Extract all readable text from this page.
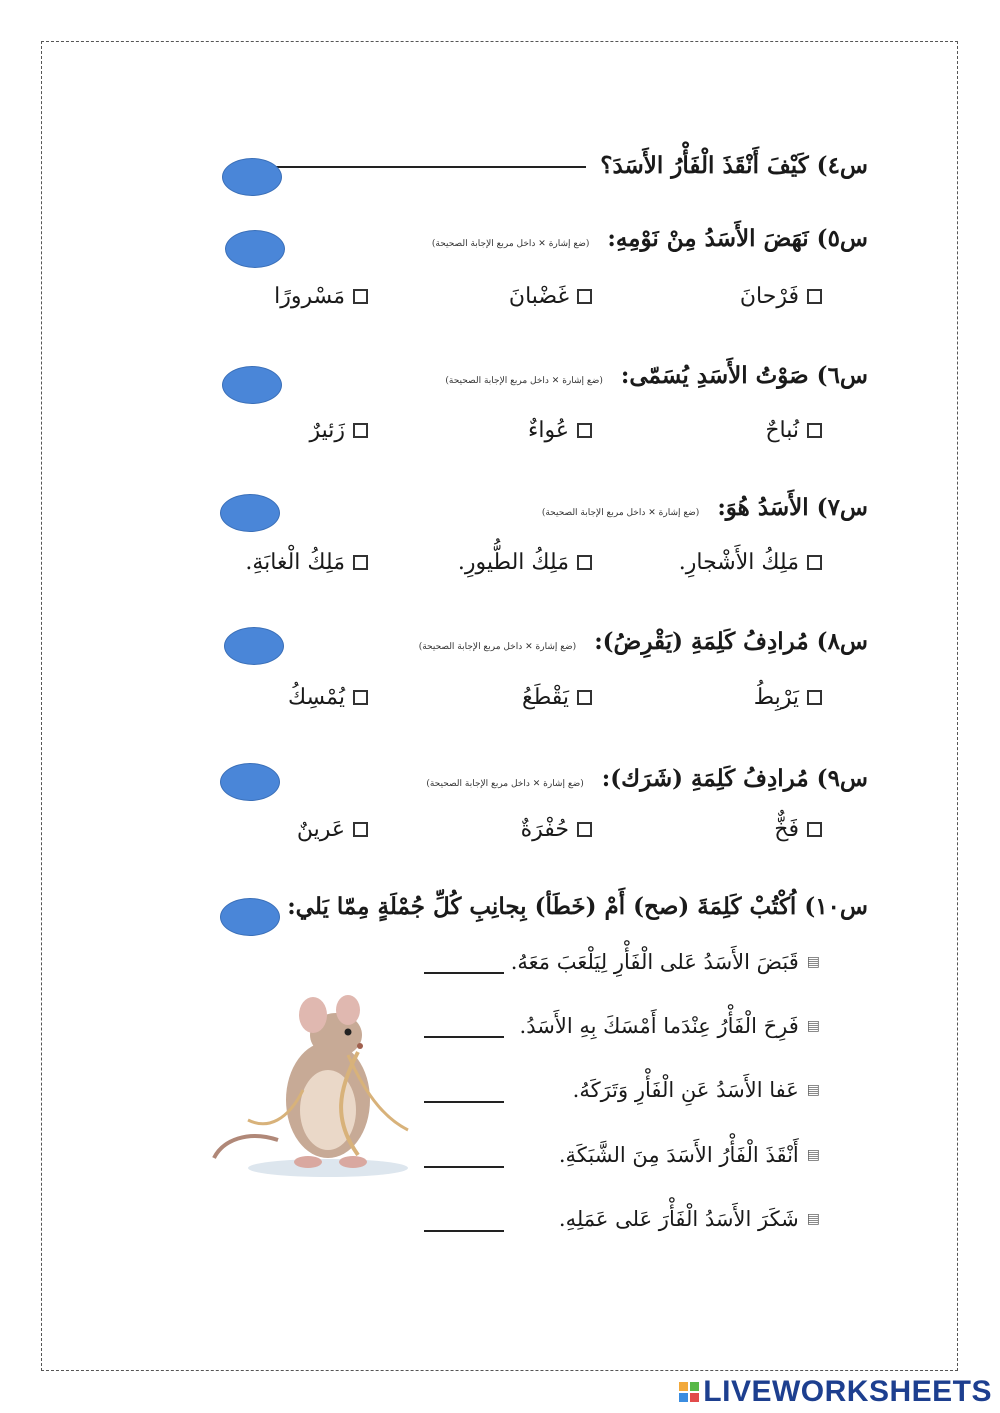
س٤) كَيْفَ أَنْقَذَ الْفَأْرُ الأَسَدَ؟
س٥) نَهَضَ الأَسَدُ مِنْ نَوْمِهِ: (ضع إشارة ✕ داخل مربع الإجابة الصحيحة)
فَرْحانَ
غَضْبانَ
مَسْرورًا
س٦) صَوْتُ الأَسَدِ يُسَمّى: (ضع إشارة ✕ داخل مربع الإجابة الصحيحة)
نُباحٌ
عُواءٌ
زَئيرٌ
س٧) الأَسَدُ هُوَ: (ضع إشارة ✕ داخل مربع الإجابة الصحيحة)
مَلِكُ الأَشْجارِ.
مَلِكُ الطُّيورِ.
مَلِكُ الْغابَةِ.
س٨) مُرادِفُ كَلِمَةِ (يَقْرِضُ): (ضع إشارة ✕ داخل مربع الإجابة الصحيحة)
يَرْبِطُ
يَقْطَعُ
يُمْسِكُ
س٩) مُرادِفُ كَلِمَةِ (شَرَك): (ضع إشارة ✕ داخل مربع الإجابة الصحيحة)
فَخٌّ
حُفْرَةٌ
عَرينٌ
س١٠) اُكْتُبْ كَلِمَةَ (صح) أَمْ (خَطَأ) بِجانِبِ كُلِّ جُمْلَةٍ مِمّا يَلي:
▤
قَبَضَ الأَسَدُ عَلى الْفَأْرِ لِيَلْعَبَ مَعَهُ.
▤
فَرِحَ الْفَأْرُ عِنْدَما أَمْسَكَ بِهِ الأَسَدُ.
▤
عَفا الأَسَدُ عَنِ الْفَأْرِ وَتَرَكَهُ.
▤
أَنْقَذَ الْفَأْرُ الأَسَدَ مِنَ الشَّبَكَةِ.
▤
شَكَرَ الأَسَدُ الْفَأْرَ عَلى عَمَلِهِ.
LIVEWORKSHEETS
